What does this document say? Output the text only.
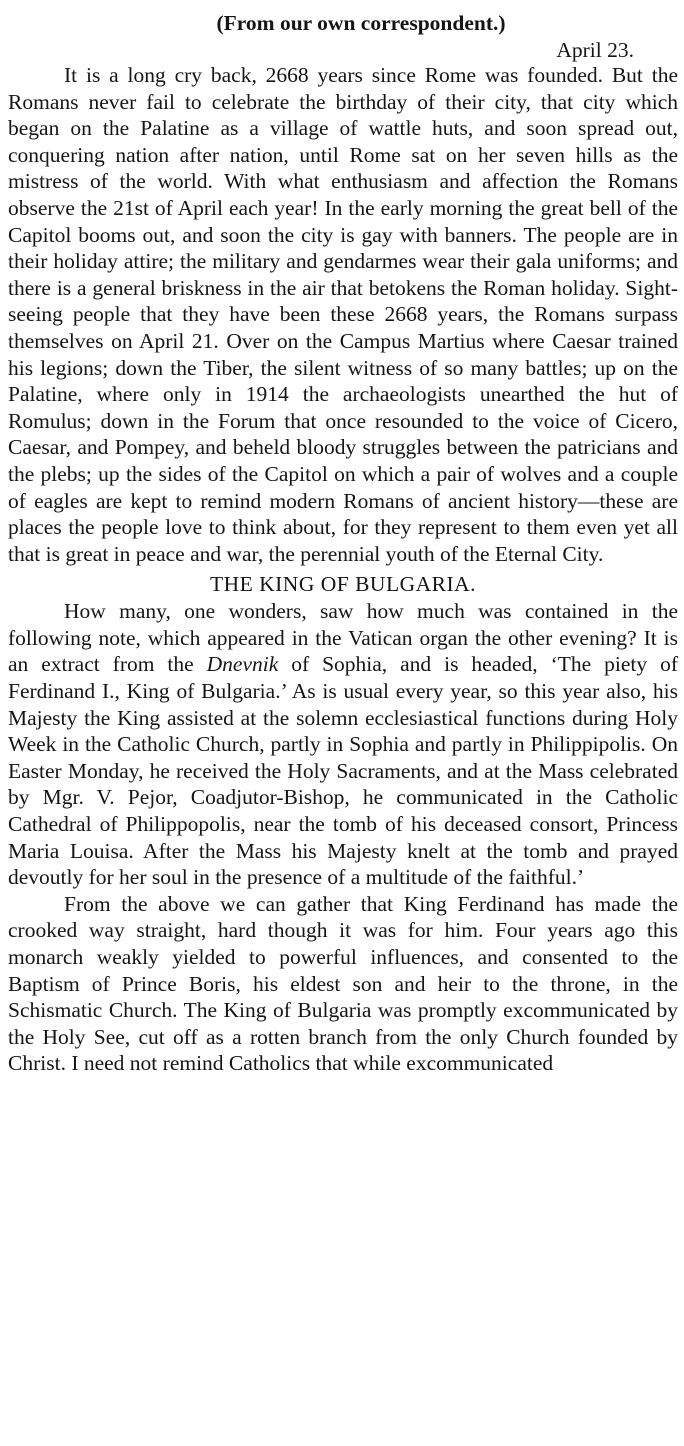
(From our own correspondent.)
April 23.

It is a long cry back, 2668 years since Rome was founded. But the Romans never fail to celebrate the birthday of their city, that city which began on the Palatine as a village of wattle huts, and soon spread out, conquering nation after nation, until Rome sat on her seven hills as the mistress of the world. With what enthusiasm and affection the Romans observe the 21st of April each year! In the early morning the great bell of the Capitol booms out, and soon the city is gay with banners. The people are in their holiday attire; the military and gendarmes wear their gala uniforms; and there is a general briskness in the air that betokens the Roman holiday. Sight-seeing people that they have been these 2668 years, the Romans surpass themselves on April 21. Over on the Campus Martius where Caesar trained his legions; down the Tiber, the silent witness of so many battles; up on the Palatine, where only in 1914 the archaeologists unearthed the hut of Romulus; down in the Forum that once resounded to the voice of Cicero, Caesar, and Pompey, and beheld bloody struggles between the patricians and the plebs; up the sides of the Capitol on which a pair of wolves and a couple of eagles are kept to remind modern Romans of ancient history—these are places the people love to think about, for they represent to them even yet all that is great in peace and war, the perennial youth of the Eternal City.

THE KING OF BULGARIA.

How many, one wonders, saw how much was contained in the following note, which appeared in the Vatican organ the other evening? It is an extract from the Dnevnik of Sophia, and is headed, ‘The piety of Ferdinand I., King of Bulgaria.’ As is usual every year, so this year also, his Majesty the King assisted at the solemn ecclesiastical functions during Holy Week in the Catholic Church, partly in Sophia and partly in Philippipolis. On Easter Monday, he received the Holy Sacraments, and at the Mass celebrated by Mgr. V. Pejor, Coadjutor-Bishop, he communicated in the Catholic Cathedral of Philippopolis, near the tomb of his deceased consort, Princess Maria Louisa. After the Mass his Majesty knelt at the tomb and prayed devoutly for her soul in the presence of a multitude of the faithful.’

From the above we can gather that King Ferdinand has made the crooked way straight, hard though it was for him. Four years ago this monarch weakly yielded to powerful influences, and consented to the Baptism of Prince Boris, his eldest son and heir to the throne, in the Schismatic Church. The King of Bulgaria was promptly excommunicated by the Holy See, cut off as a rotten branch from the only Church founded by Christ. I need not remind Catholics that while excommunicated
